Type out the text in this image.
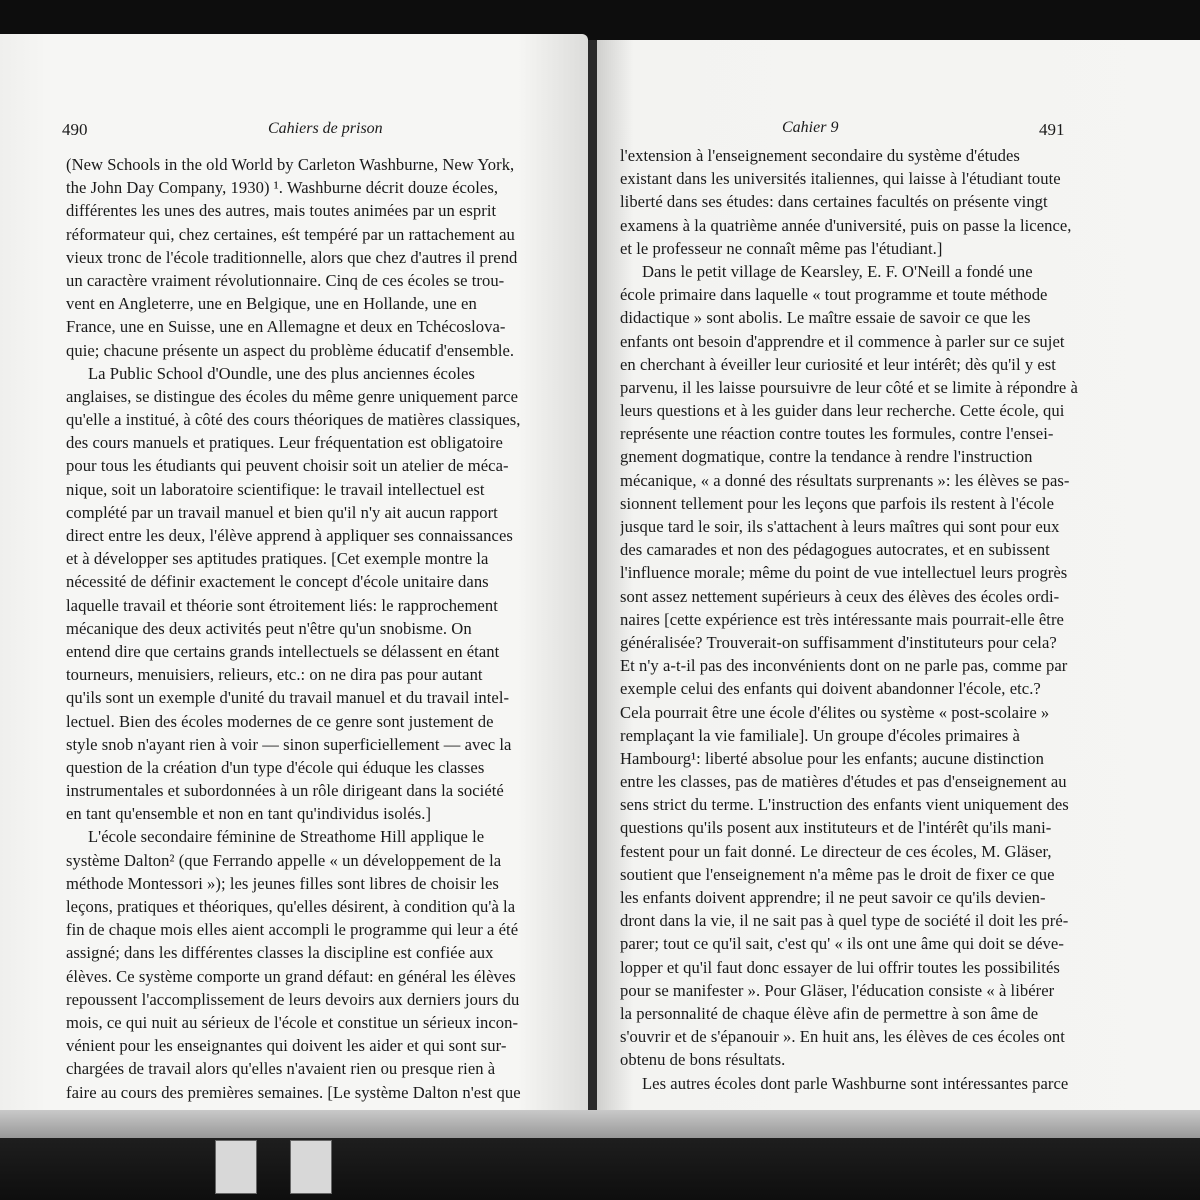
490	Cahiers de prison
(New Schools in the old World by Carleton Washburne, New York,
the John Day Company, 1930) ¹. Washburne décrit douze écoles,
différentes les unes des autres, mais toutes animées par un esprit
réformateur qui, chez certaines, eśt tempéré par un rattachement au
vieux tronc de l'école traditionnelle, alors que chez d'autres il prend
un caractère vraiment révolutionnaire. Cinq de ces écoles se trou-
vent en Angleterre, une en Belgique, une en Hollande, une en
France, une en Suisse, une en Allemagne et deux en Tchécoslova-
quie; chacune présente un aspect du problème éducatif d'ensemble.
La Public School d'Oundle, une des plus anciennes écoles
anglaises, se distingue des écoles du même genre uniquement parce
qu'elle a institué, à côté des cours théoriques de matières classiques,
des cours manuels et pratiques. Leur fréquentation est obligatoire
pour tous les étudiants qui peuvent choisir soit un atelier de méca-
nique, soit un laboratoire scientifique: le travail intellectuel est
complété par un travail manuel et bien qu'il n'y ait aucun rapport
direct entre les deux, l'élève apprend à appliquer ses connaissances
et à développer ses aptitudes pratiques. [Cet exemple montre la
nécessité de définir exactement le concept d'école unitaire dans
laquelle travail et théorie sont étroitement liés: le rapprochement
mécanique des deux activités peut n'être qu'un snobisme. On
entend dire que certains grands intellectuels se délassent en étant
tourneurs, menuisiers, relieurs, etc.: on ne dira pas pour autant
qu'ils sont un exemple d'unité du travail manuel et du travail intel-
lectuel. Bien des écoles modernes de ce genre sont justement de
style snob n'ayant rien à voir — sinon superficiellement — avec la
question de la création d'un type d'école qui éduque les classes
instrumentales et subordonnées à un rôle dirigeant dans la société
en tant qu'ensemble et non en tant qu'individus isolés.]
L'école secondaire féminine de Streathome Hill applique le
système Dalton² (que Ferrando appelle « un développement de la
méthode Montessori »); les jeunes filles sont libres de choisir les
leçons, pratiques et théoriques, qu'elles désirent, à condition qu'à la
fin de chaque mois elles aient accompli le programme qui leur a été
assigné; dans les différentes classes la discipline est confiée aux
élèves. Ce système comporte un grand défaut: en général les élèves
repoussent l'accomplissement de leurs devoirs aux derniers jours du
mois, ce qui nuit au sérieux de l'école et constitue un sérieux incon-
vénient pour les enseignantes qui doivent les aider et qui sont sur-
chargées de travail alors qu'elles n'avaient rien ou presque rien à
faire au cours des premières semaines. [Le système Dalton n'est que
Cahier 9	491
l'extension à l'enseignement secondaire du système d'études
existant dans les universités italiennes, qui laisse à l'étudiant toute
liberté dans ses études: dans certaines facultés on présente vingt
examens à la quatrième année d'université, puis on passe la licence,
et le professeur ne connaît même pas l'étudiant.]
Dans le petit village de Kearsley, E. F. O'Neill a fondé une
école primaire dans laquelle « tout programme et toute méthode
didactique » sont abolis. Le maître essaie de savoir ce que les
enfants ont besoin d'apprendre et il commence à parler sur ce sujet
en cherchant à éveiller leur curiosité et leur intérêt; dès qu'il y est
parvenu, il les laisse poursuivre de leur côté et se limite à répondre à
leurs questions et à les guider dans leur recherche. Cette école, qui
représente une réaction contre toutes les formules, contre l'ensei-
gnement dogmatique, contre la tendance à rendre l'instruction
mécanique, « a donné des résultats surprenants »: les élèves se pas-
sionnent tellement pour les leçons que parfois ils restent à l'école
jusque tard le soir, ils s'attachent à leurs maîtres qui sont pour eux
des camarades et non des pédagogues autocrates, et en subissent
l'influence morale; même du point de vue intellectuel leurs progrès
sont assez nettement supérieurs à ceux des élèves des écoles ordi-
naires [cette expérience est très intéressante mais pourrait-elle être
généralisée? Trouverait-on suffisamment d'instituteurs pour cela?
Et n'y a-t-il pas des inconvénients dont on ne parle pas, comme par
exemple celui des enfants qui doivent abandonner l'école, etc.?
Cela pourrait être une école d'élites ou système « post-scolaire »
remplaçant la vie familiale]. Un groupe d'écoles primaires à
Hambourg¹: liberté absolue pour les enfants; aucune distinction
entre les classes, pas de matières d'études et pas d'enseignement au
sens strict du terme. L'instruction des enfants vient uniquement des
questions qu'ils posent aux instituteurs et de l'intérêt qu'ils mani-
festent pour un fait donné. Le directeur de ces écoles, M. Gläser,
soutient que l'enseignement n'a même pas le droit de fixer ce que
les enfants doivent apprendre; il ne peut savoir ce qu'ils devien-
dront dans la vie, il ne sait pas à quel type de société il doit les pré-
parer; tout ce qu'il sait, c'est qu' « ils ont une âme qui doit se déve-
lopper et qu'il faut donc essayer de lui offrir toutes les possibilités
pour se manifester ». Pour Gläser, l'éducation consiste « à libérer
la personnalité de chaque élève afin de permettre à son âme de
s'ouvrir et de s'épanouir ». En huit ans, les élèves de ces écoles ont
obtenu de bons résultats.
Les autres écoles dont parle Washburne sont intéressantes parce
